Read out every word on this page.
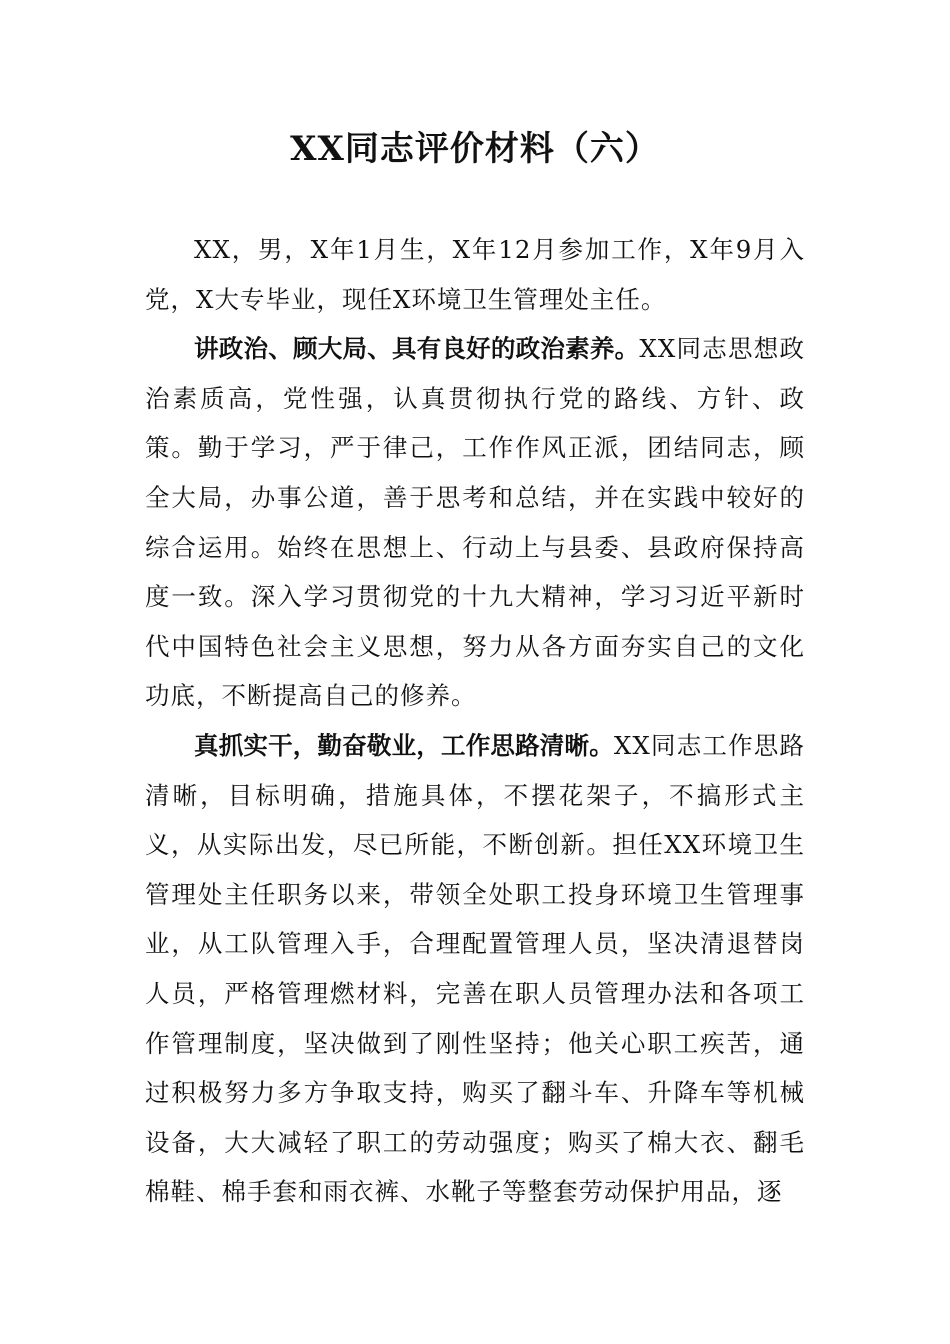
XX同志评价材料（六）

XX，男，X年1月生，X年12月参加工作，X年9月入党，X大专毕业，现任X环境卫生管理处主任。

讲政治、顾大局、具有良好的政治素养。XX同志思想政治素质高，党性强，认真贯彻执行党的路线、方针、政策。勤于学习，严于律己，工作作风正派，团结同志，顾全大局，办事公道，善于思考和总结，并在实践中较好的综合运用。始终在思想上、行动上与县委、县政府保持高度一致。深入学习贯彻党的十九大精神，学习习近平新时代中国特色社会主义思想，努力从各方面夯实自己的文化功底，不断提高自己的修养。

真抓实干，勤奋敬业，工作思路清晰。XX同志工作思路清晰，目标明确，措施具体，不摆花架子，不搞形式主义，从实际出发，尽已所能，不断创新。担任XX环境卫生管理处主任职务以来，带领全处职工投身环境卫生管理事业，从工队管理入手，合理配置管理人员，坚决清退替岗人员，严格管理燃材料，完善在职人员管理办法和各项工作管理制度，坚决做到了刚性坚持；他关心职工疾苦，通过积极努力多方争取支持，购买了翻斗车、升降车等机械设备，大大减轻了职工的劳动强度；购买了棉大衣、翻毛棉鞋、棉手套和雨衣裤、水靴子等整套劳动保护用品，逐
